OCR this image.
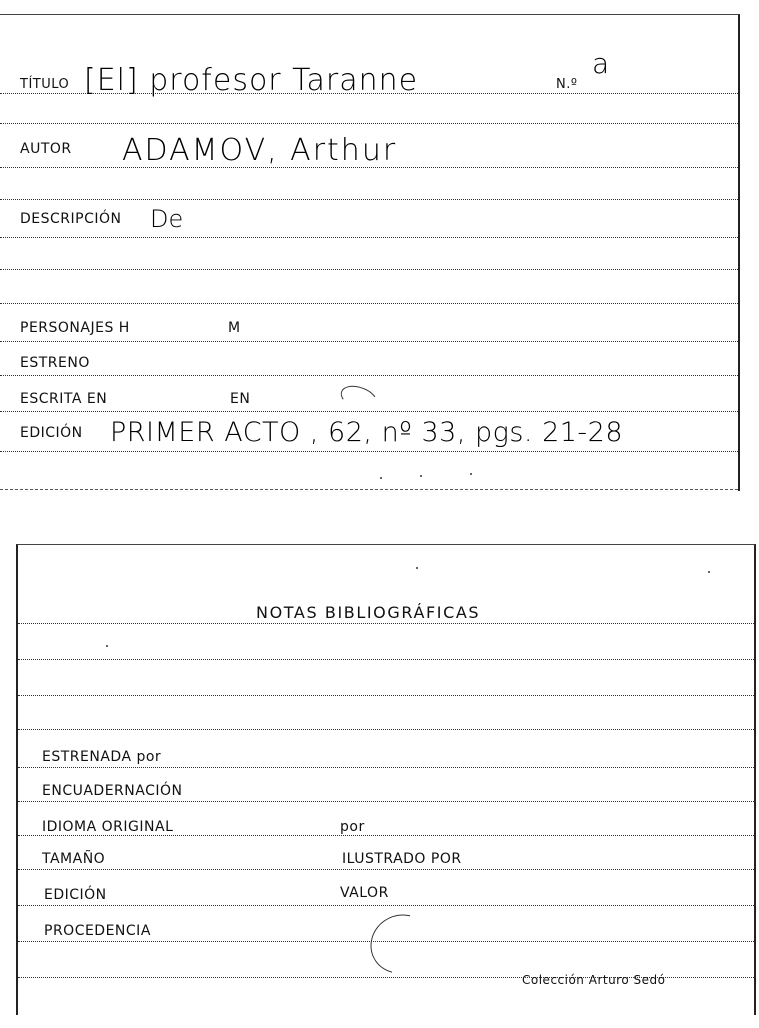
TÍTULO [El] profesor Taranne	N.º
a
AUTOR ADAMOV, Arthur
DESCRIPCIÓN De
PERSONAJES H	M
ESTRENO
ESCRITA EN	EN
EDICIÓN PRIMER ACTO , 62, nº 33, pgs. 21-28
NOTAS BIBLIOGRÁFICAS
ESTRENADA por
ENCUADERNACIÓN
IDIOMA ORIGINAL	por
TAMAÑO	ILUSTRADO POR
EDICIÓN	VALOR
PROCEDENCIA
Colección Arturo Sedó
